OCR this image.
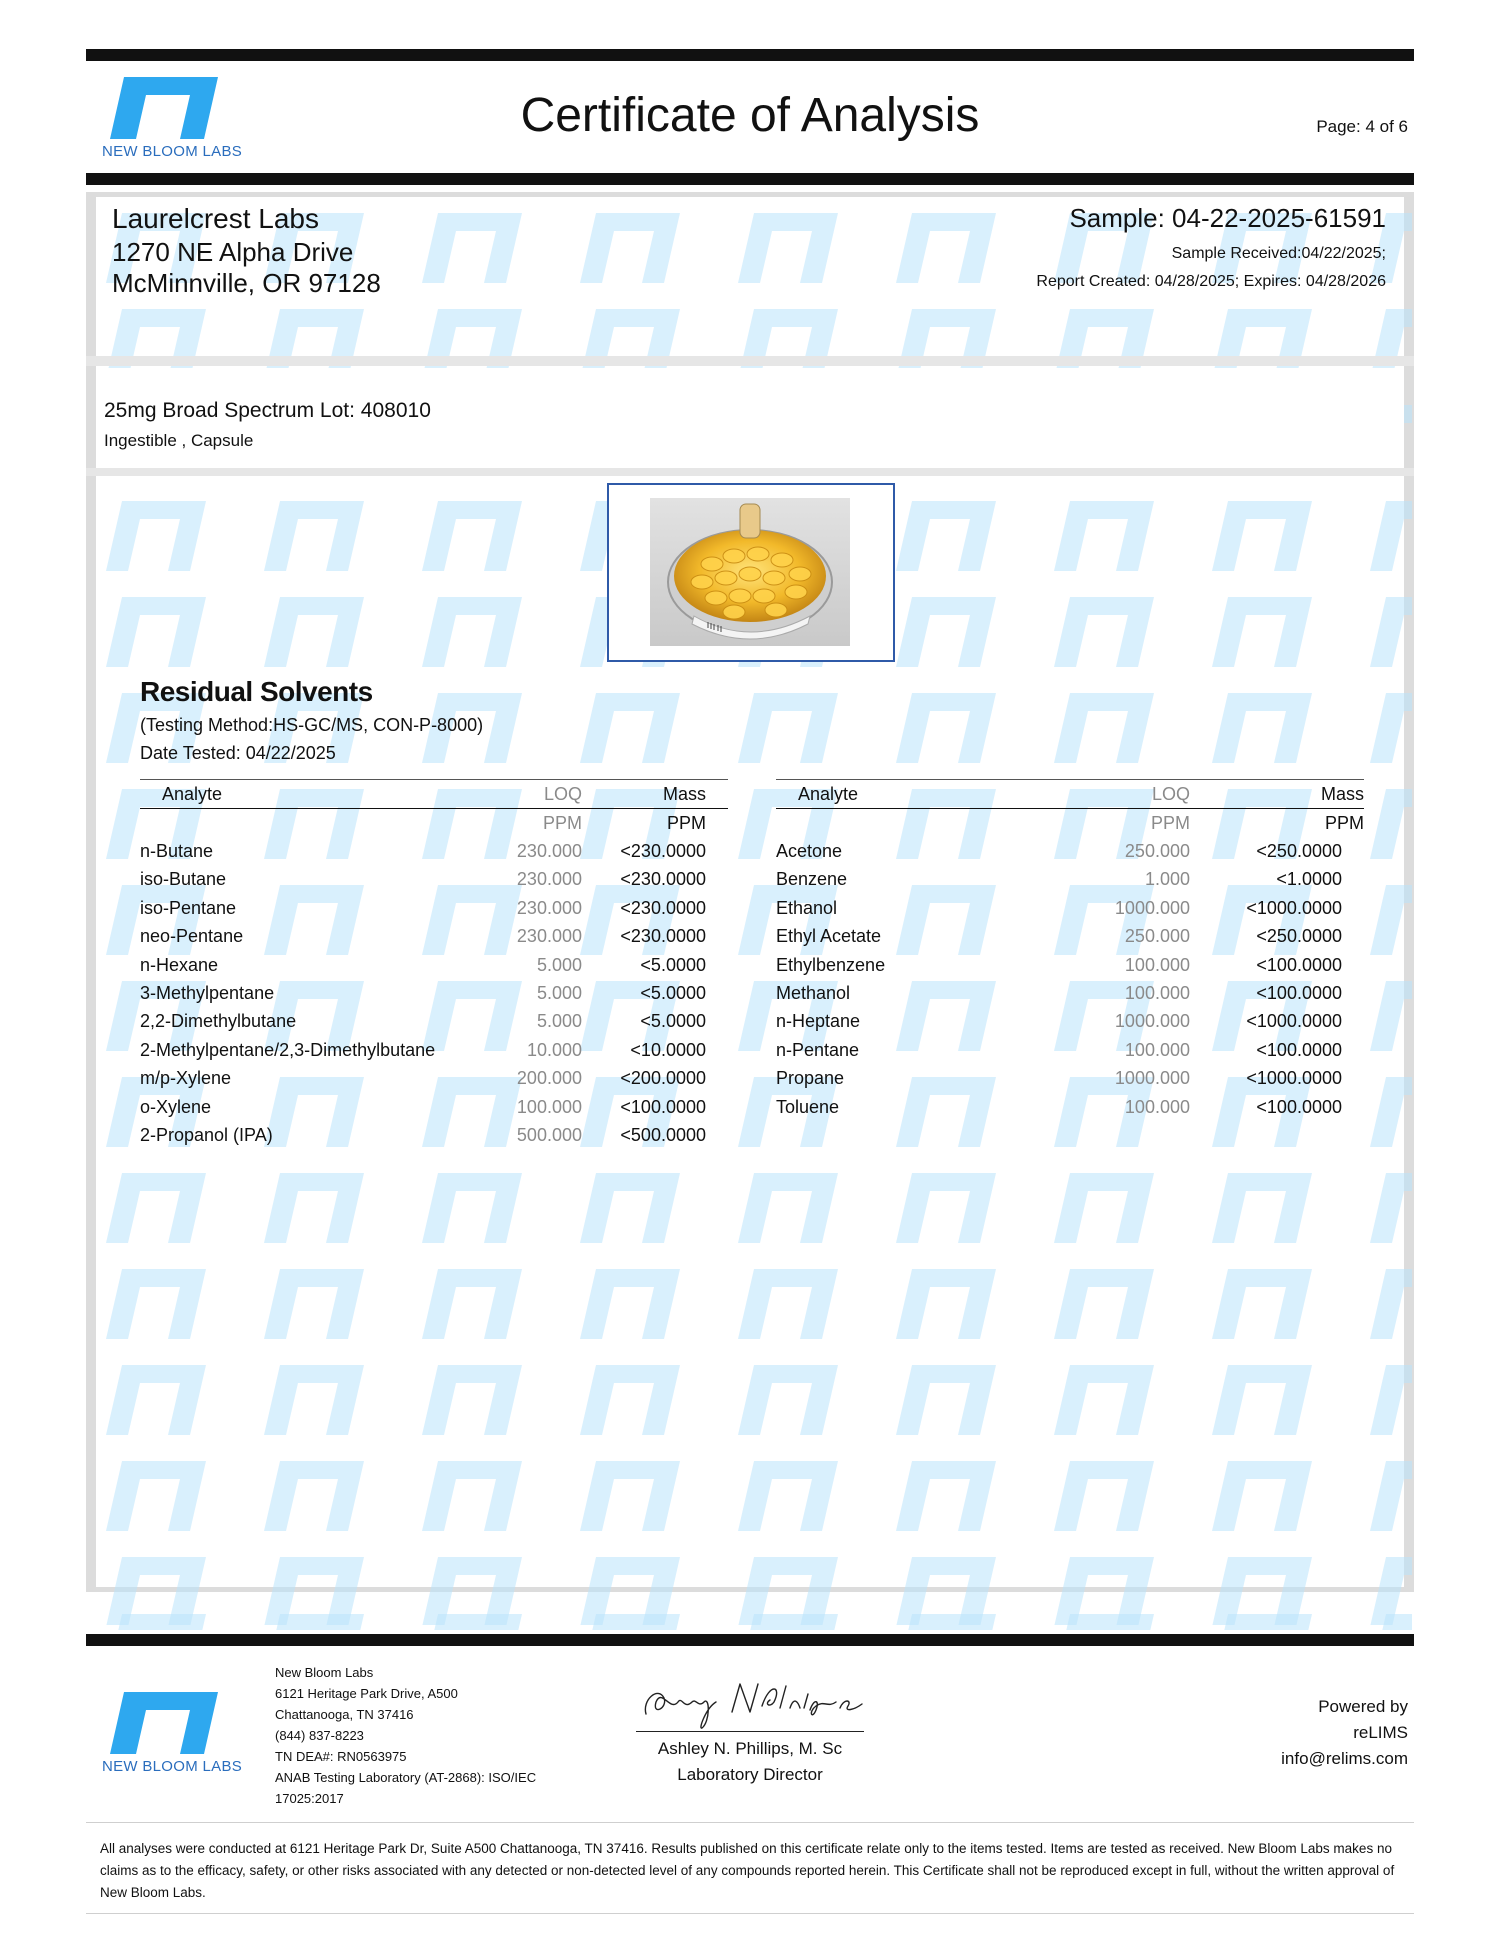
NEW BLOOM LABS
Certificate of Analysis	Page: 4 of 6
Laurelcrest Labs
1270 NE Alpha Drive
McMinnville, OR 97128
Sample: 04-22-2025-61591
Sample Received:04/22/2025;
Report Created: 04/28/2025; Expires: 04/28/2026
25mg Broad Spectrum Lot: 408010
Ingestible , Capsule
Residual Solvents
(Testing Method:HS-GC/MS, CON-P-8000)
Date Tested: 04/22/2025
Analyte	LOQ	Mass
	PPM	PPM
n-Butane	230.000	<230.0000
iso-Butane	230.000	<230.0000
iso-Pentane	230.000	<230.0000
neo-Pentane	230.000	<230.0000
n-Hexane	5.000	<5.0000
3-Methylpentane	5.000	<5.0000
2,2-Dimethylbutane	5.000	<5.0000
2-Methylpentane/2,3-Dimethylbutane	10.000	<10.0000
m/p-Xylene	200.000	<200.0000
o-Xylene	100.000	<100.0000
2-Propanol (IPA)	500.000	<500.0000
Analyte	LOQ	Mass
	PPM	PPM
Acetone	250.000	<250.0000
Benzene	1.000	<1.0000
Ethanol	1000.000	<1000.0000
Ethyl Acetate	250.000	<250.0000
Ethylbenzene	100.000	<100.0000
Methanol	100.000	<100.0000
n-Heptane	1000.000	<1000.0000
n-Pentane	100.000	<100.0000
Propane	1000.000	<1000.0000
Toluene	100.000	<100.0000
NEW BLOOM LABS
New Bloom Labs
6121 Heritage Park Drive, A500
Chattanooga, TN 37416
(844) 837-8223
TN DEA#: RN0563975
ANAB Testing Laboratory (AT-2868): ISO/IEC
17025:2017
Ashley N. Phillips, M. Sc
Laboratory Director
Powered by
reLIMS
info@relims.com
All analyses were conducted at 6121 Heritage Park Dr, Suite A500 Chattanooga, TN 37416. Results published on this certificate relate only to the items tested. Items are tested as received. New Bloom Labs makes no claims as to the efficacy, safety, or other risks associated with any detected or non-detected level of any compounds reported herein. This Certificate shall not be reproduced except in full, without the written approval of New Bloom Labs.
